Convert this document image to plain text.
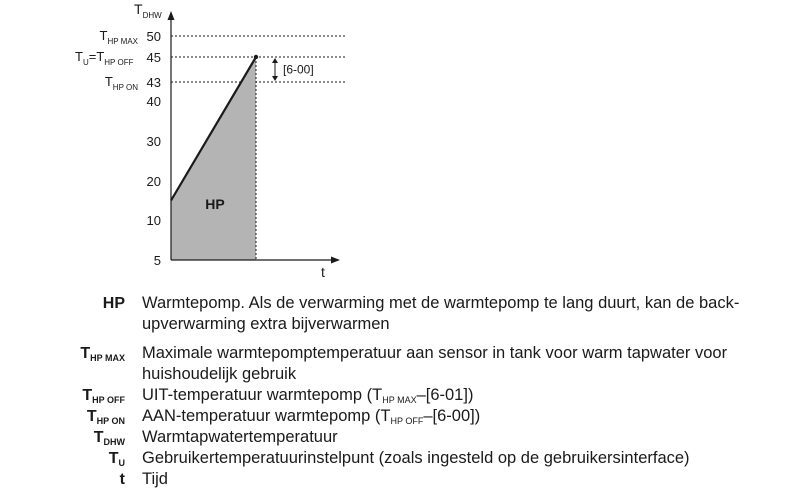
HP
$T_{DHW}$
t
5
10
20
30
40
50
$T_{HP MAX}$
45
$T_U=T_{HP OFF}$
43
$T_{HP ON}$
[6-00]
HP Warmtepomp. Als de verwarming met de warmtepomp te lang duurt, kan de back-
upverwarming extra bijverwarmen
$T_{HP MAX}$ Maximale warmtepomptemperatuur aan sensor in tank voor warm tapwater voor
huishoudelijk gebruik
$T_{HP OFF}$ UIT-temperatuur warmtepomp $(T_{HP MAX}-[6-01])$
$T_{HP ON}$ AAN-temperatuur warmtepomp $(T_{HP OFF}-[6-00])$
$T_{DHW}$ Warmtapwatertemperatuur
$T_U$ Gebruikertemperatuurinstelpunt (zoals ingesteld op de gebruikersinterface)
t Tijd
